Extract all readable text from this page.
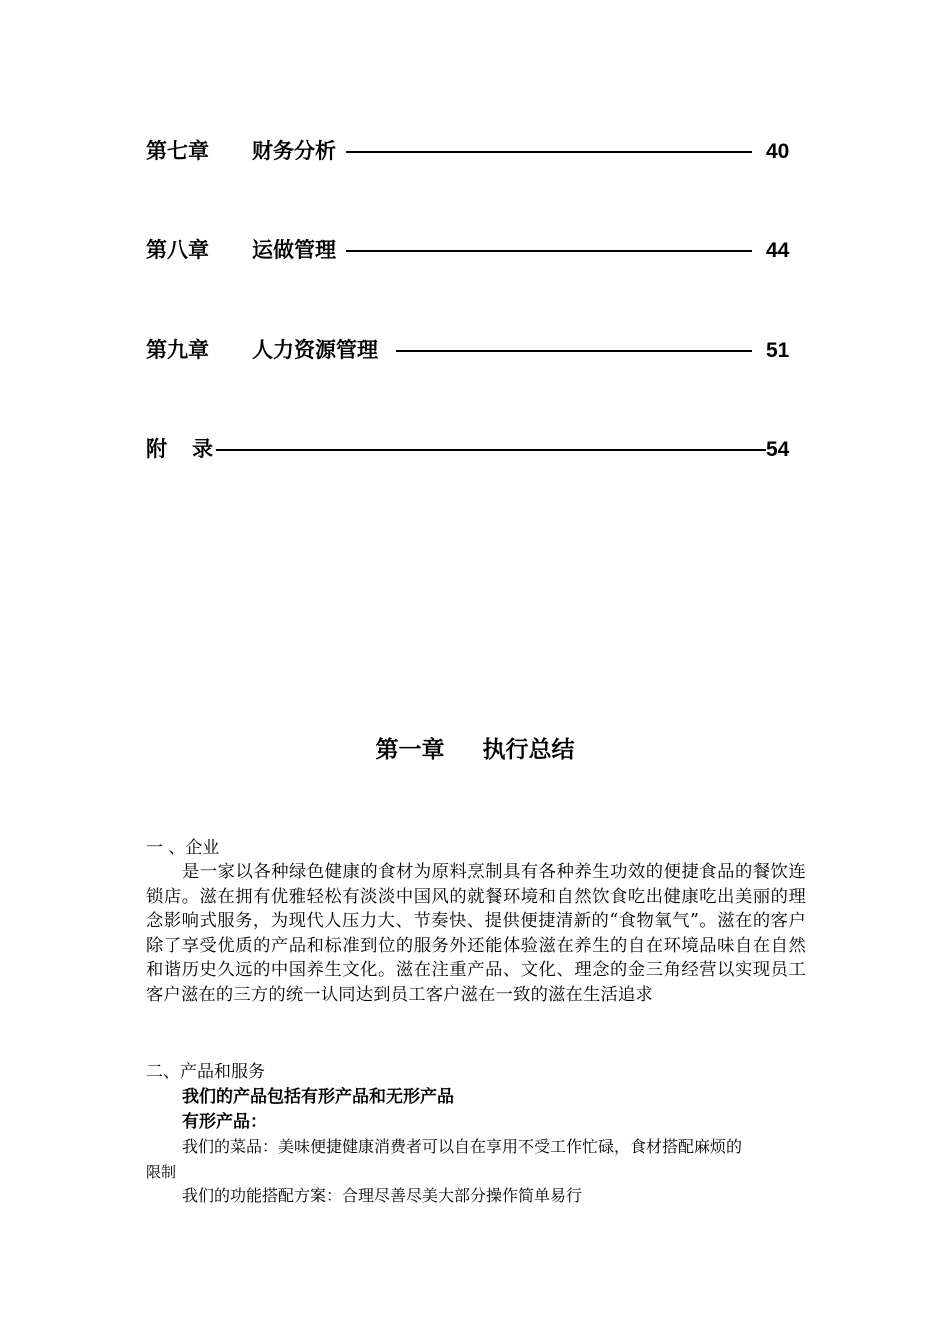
第七章 财务分析	40
第八章 运做管理	44
第九章 人力资源管理	51
附 录	54
第一章 执行总结
一 、企业
是一家以各种绿色健康的食材为原料烹制具有各种养生功效的便捷食品的餐饮连锁店。滋在拥有优雅轻松有淡淡中国风的就餐环境和自然饮食吃出健康吃出美丽的理念影响式服务，为现代人压力大、节奏快、提供便捷清新的“食物氧气”。滋在的客户除了享受优质的产品和标准到位的服务外还能体验滋在养生的自在环境品味自在自然和谐历史久远的中国养生文化。滋在注重产品、文化、理念的金三角经营以实现员工客户滋在的三方的统一认同达到员工客户滋在一致的滋在生活追求
二、产品和服务
我们的产品包括有形产品和无形产品
有形产品：
我们的菜品：美味便捷健康消费者可以自在享用不受工作忙碌，食材搭配麻烦的
限制
我们的功能搭配方案：合理尽善尽美大部分操作简单易行
